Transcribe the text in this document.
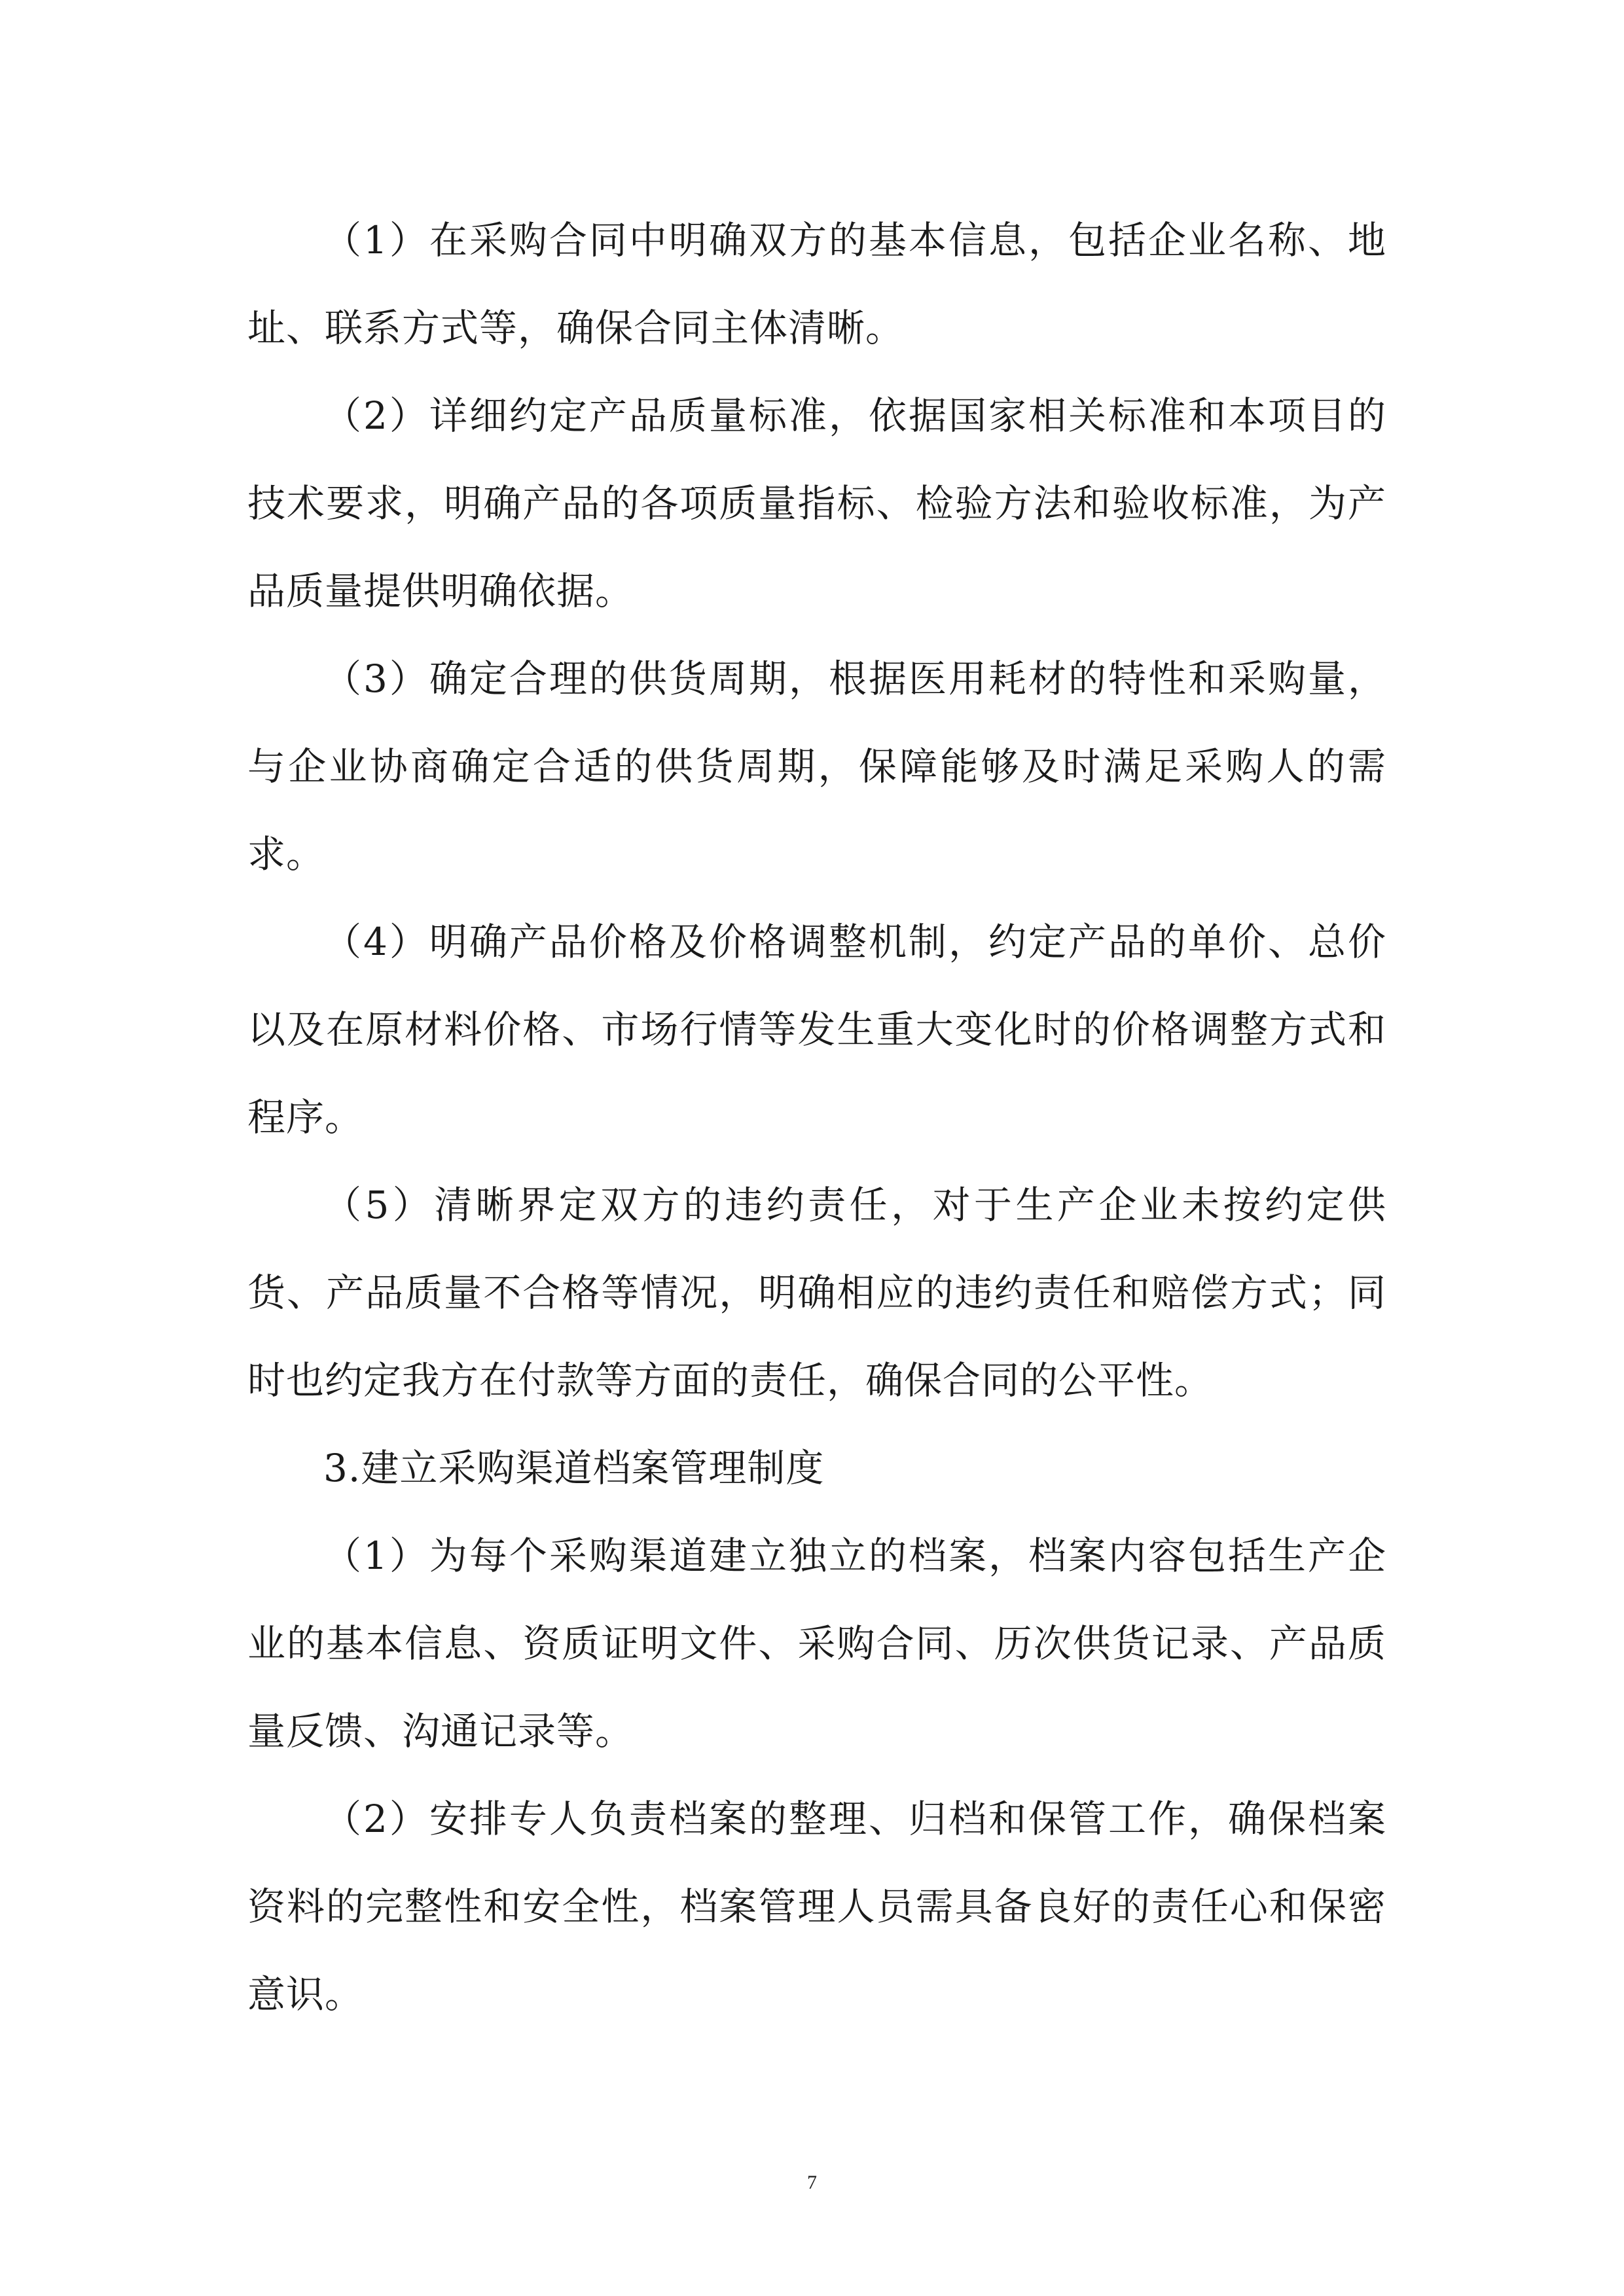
（1）在采购合同中明确双方的基本信息，包括企业名称、地址、联系方式等，确保合同主体清晰。

（2）详细约定产品质量标准，依据国家相关标准和本项目的技术要求，明确产品的各项质量指标、检验方法和验收标准，为产品质量提供明确依据。

（3）确定合理的供货周期，根据医用耗材的特性和采购量，与企业协商确定合适的供货周期，保障能够及时满足采购人的需求。

（4）明确产品价格及价格调整机制，约定产品的单价、总价以及在原材料价格、市场行情等发生重大变化时的价格调整方式和程序。

（5）清晰界定双方的违约责任，对于生产企业未按约定供货、产品质量不合格等情况，明确相应的违约责任和赔偿方式；同时也约定我方在付款等方面的责任，确保合同的公平性。

3.建立采购渠道档案管理制度

（1）为每个采购渠道建立独立的档案，档案内容包括生产企业的基本信息、资质证明文件、采购合同、历次供货记录、产品质量反馈、沟通记录等。

（2）安排专人负责档案的整理、归档和保管工作，确保档案资料的完整性和安全性，档案管理人员需具备良好的责任心和保密意识。

7
